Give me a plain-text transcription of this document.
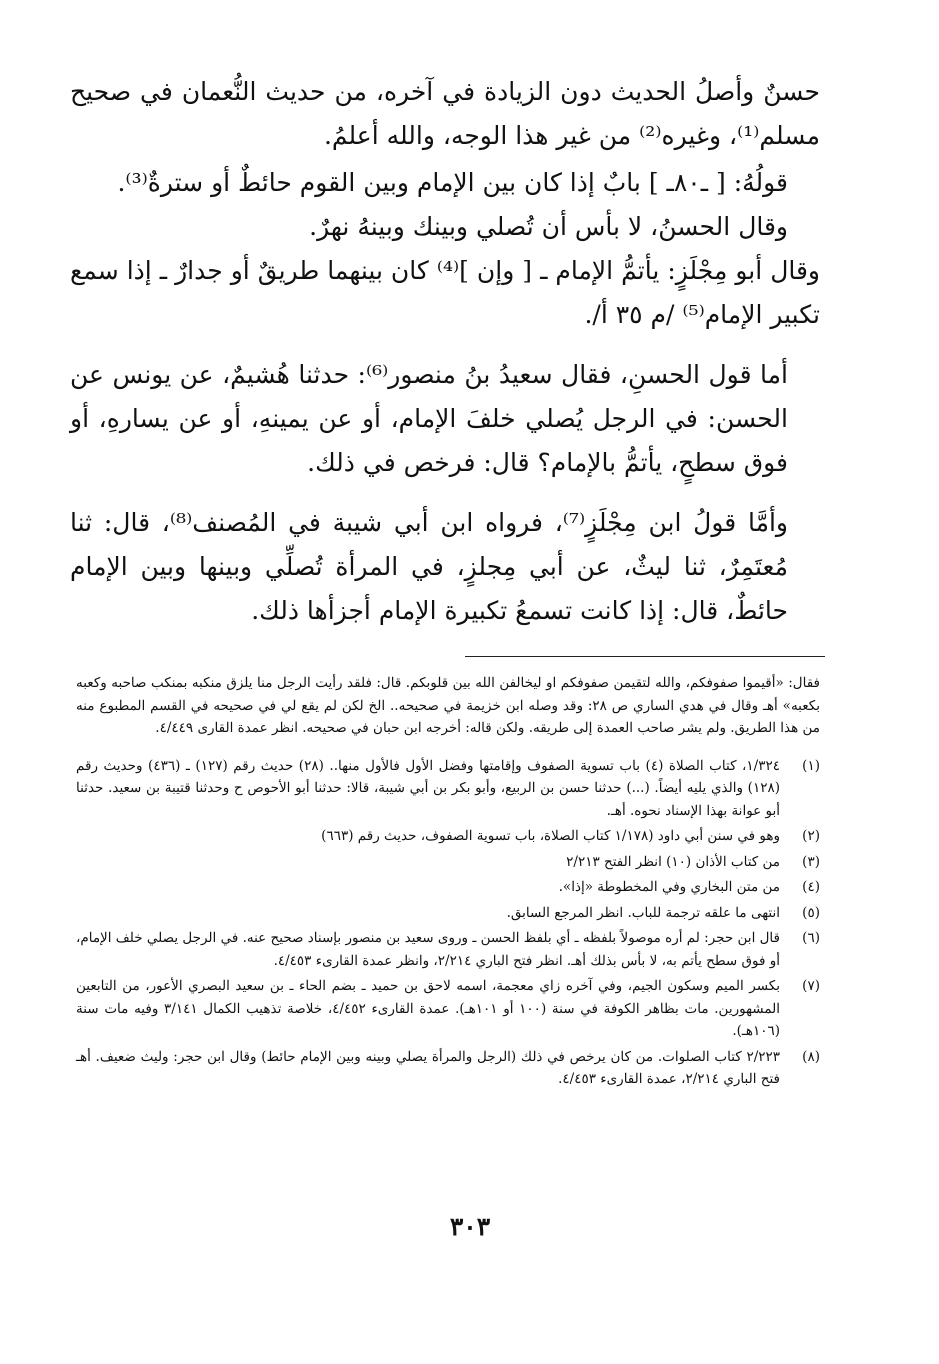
حسنٌ وأصلُ الحديث دون الزيادة في آخره، من حديث النُّعمان في صحيح مسلم⁽¹⁾، وغيره⁽²⁾ من غير هذا الوجه، والله أعلمُ.

قولُهُ: [ ـ٨٠ـ ] بابٌ إذا كان بين الإمام وبين القوم حائطٌ أو سترةٌ⁽³⁾.

وقال الحسنُ، لا بأس أن تُصلي وبينك وبينهُ نهرٌ.

وقال أبو مِجْلَزٍ: يأتمُّ الإمام ـ [ وإن ]⁽⁴⁾ كان بينهما طريقٌ أو جدارٌ ـ إذا سمع تكبير الإمام⁽⁵⁾ /م ٣٥ أ/.

أما قول الحسنِ، فقال سعيدُ بنُ منصور⁽⁶⁾: حدثنا هُشيمٌ، عن يونس عن الحسن: في الرجل يُصلي خلفَ الإمام، أو عن يمينهِ، أو عن يسارهِ، أو فوق سطحٍ، يأتمُّ بالإمام؟ قال: فرخص في ذلك.

وأمَّا قولُ ابن مِجْلَزٍ⁽⁷⁾، فرواه ابن أبي شيبة في المُصنف⁽⁸⁾، قال: ثنا مُعتَمِرٌ، ثنا ليثٌ، عن أبي مِجلزٍ، في المرأة تُصلِّي وبينها وبين الإمام حائطٌ، قال: إذا كانت تسمعُ تكبيرة الإمام أجزأها ذلك.

فقال: «أقيموا صفوفكم، والله لتقيمن صفوفكم او ليخالفن الله بين قلوبكم. قال: فلقد رأيت الرجل منا يلزق منكبه بمنكب صاحبه وكعبه بكعبه» أهـ وقال في هدي الساري ص ٢٨: وقد وصله ابن خزيمة في صحيحه.. الخ لكن لم يقع لي في صحيحه في القسم المطبوع منه من هذا الطريق. ولم يشر صاحب العمدة إلى طريقه. ولكن قاله: أخرجه ابن حبان في صحيحه. انظر عمدة القارى ٤/٤٤٩.

(١)
١/٣٢٤، كتاب الصلاة (٤) باب تسوية الصفوف وإقامتها وفضل الأول فالأول منها.. (٢٨) حديث رقم (١٢٧) ـ (٤٣٦) وحديث رقم (١٢٨) والذي يليه أيضاً. (...) حدثنا حسن بن الربيع، وأبو بكر بن أبي شيبة، قالا: حدثنا أبو الأحوص ح وحدثنا قتيبة بن سعيد. حدثنا أبو عوانة بهذا الإسناد نحوه. أهـ.
(٢)
وهو في سنن أبي داود (١/١٧٨ كتاب الصلاة، باب تسوية الصفوف، حديث رقم (٦٦٣)
(٣)
من كتاب الأذان (١٠) انظر الفتح ٢/٢١٣
(٤)
من متن البخاري وفي المخطوطة «إذا».
(٥)
انتهى ما علقه ترجمة للباب. انظر المرجع السابق.
(٦)
قال ابن حجر: لم أره موصولاً بلفظه ـ أي بلفظ الحسن ـ وروى سعيد بن منصور بإسناد صحيح عنه. في الرجل يصلي خلف الإمام، أو فوق سطح يأتم به، لا بأس بذلك أهـ. انظر فتح الباري ٢/٢١٤، وانظر عمدة القارىء ٤/٤٥٣.
(٧)
بكسر الميم وسكون الجيم، وفي آخره زاي معجمة، اسمه لاحق بن حميد ـ بضم الحاء ـ بن سعيد البصري الأعور، من التابعين المشهورين. مات بظاهر الكوفة في سنة (١٠٠ أو ١٠١هـ). عمدة القارىء ٤/٤٥٢، خلاصة تذهيب الكمال ٣/١٤١ وفيه مات سنة (١٠٦هـ).
(٨)
٢/٢٢٣ كتاب الصلوات. من كان يرخص في ذلك (الرجل والمرأة يصلي وبينه وبين الإمام حائط) وقال ابن حجر: وليث ضعيف. أهـ فتح الباري ٢/٢١٤، عمدة القارىء ٤/٤٥٣.
٣٠٣
